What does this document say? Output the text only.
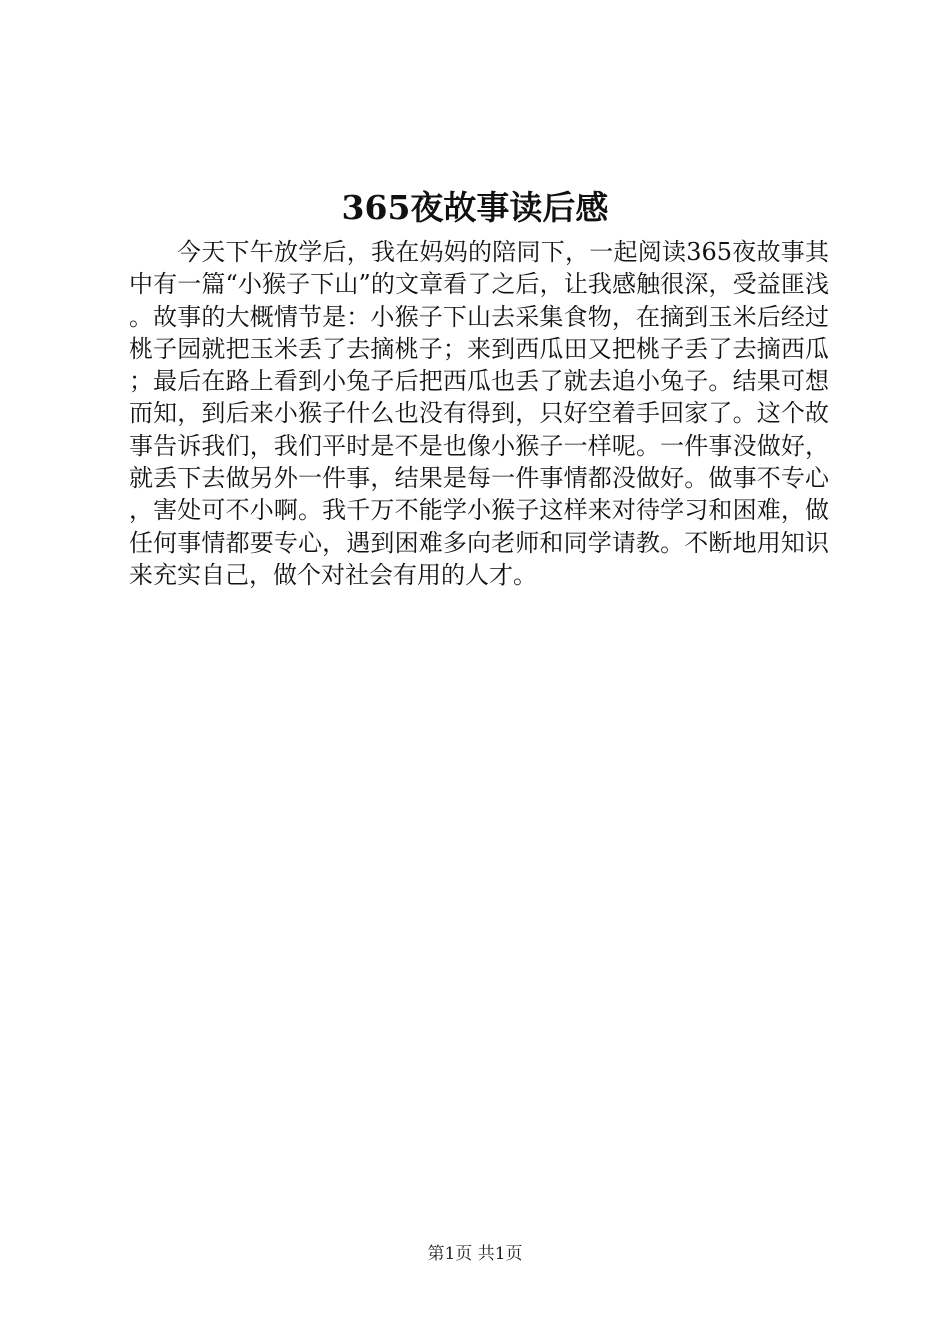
365夜故事读后感

今天下午放学后，我在妈妈的陪同下，一起阅读365夜故事其中有一篇“小猴子下山”的文章看了之后，让我感触很深，受益匪浅。故事的大概情节是：小猴子下山去采集食物，在摘到玉米后经过桃子园就把玉米丢了去摘桃子；来到西瓜田又把桃子丢了去摘西瓜；最后在路上看到小兔子后把西瓜也丢了就去追小兔子。结果可想而知，到后来小猴子什么也没有得到，只好空着手回家了。这个故事告诉我们，我们平时是不是也像小猴子一样呢。一件事没做好，就丢下去做另外一件事，结果是每一件事情都没做好。做事不专心，害处可不小啊。我千万不能学小猴子这样来对待学习和困难，做任何事情都要专心，遇到困难多向老师和同学请教。不断地用知识来充实自己，做个对社会有用的人才。

第1页 共1页
